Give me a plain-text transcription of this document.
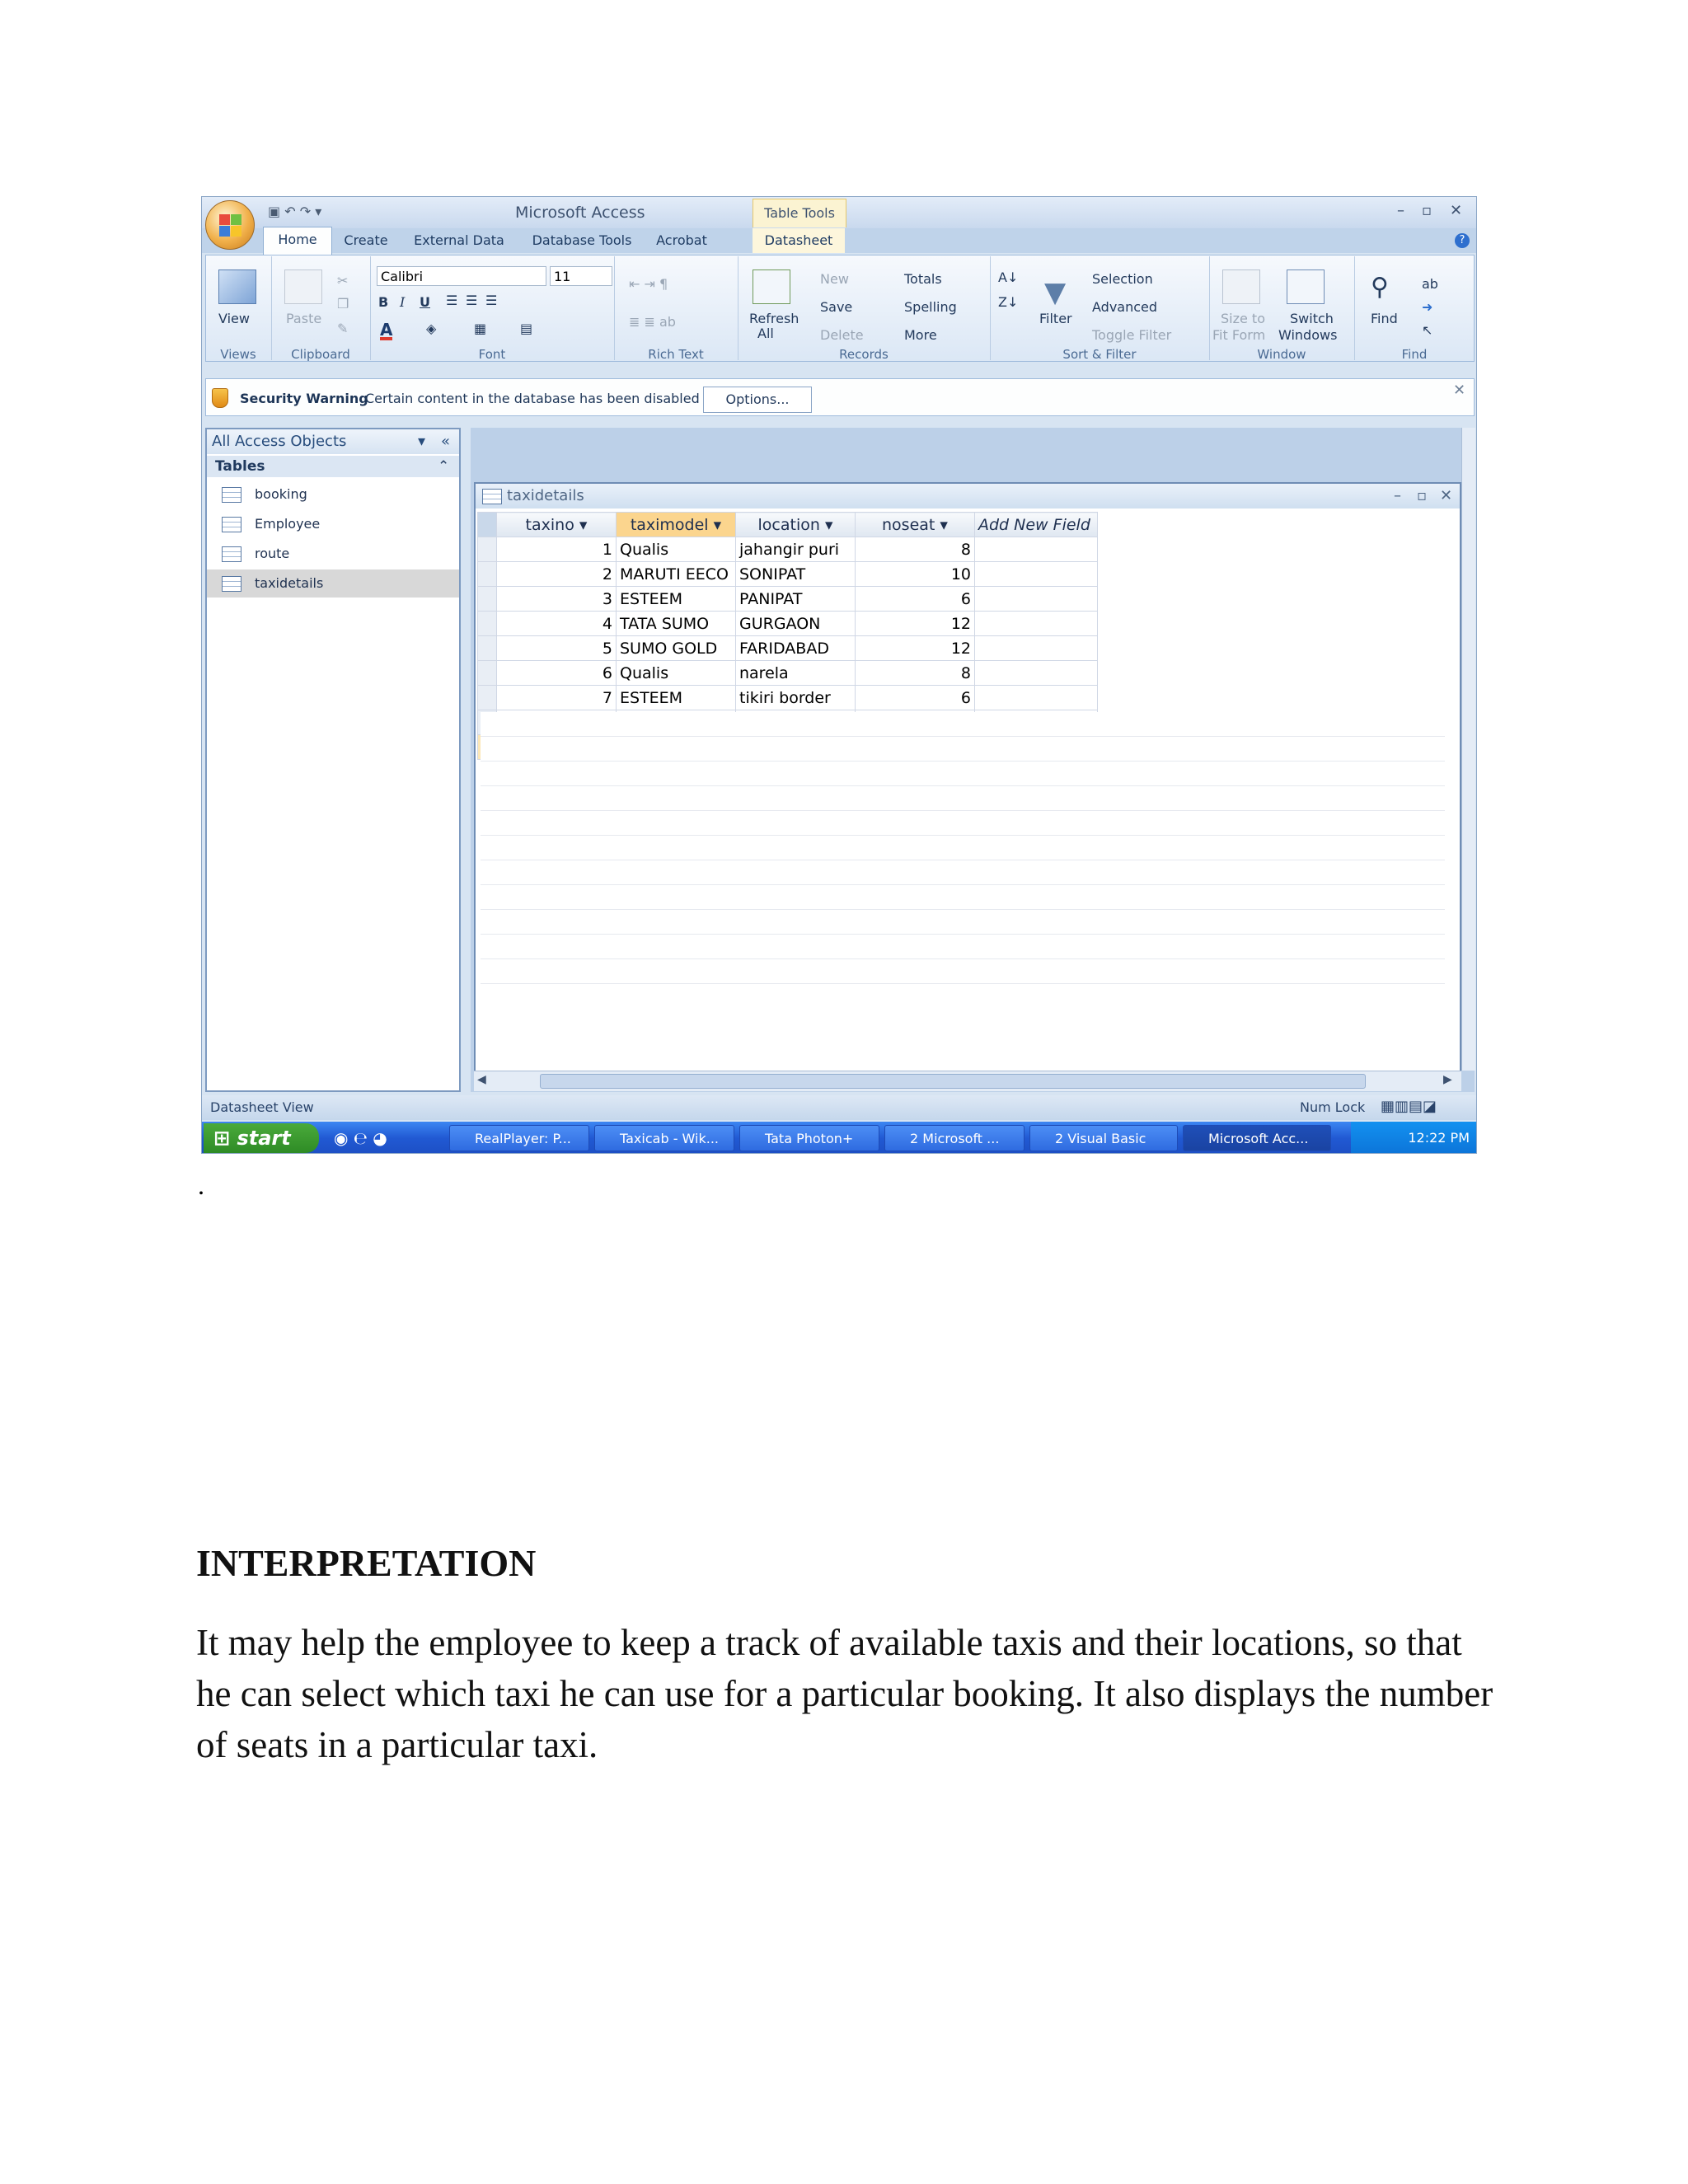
▣ ↶ ↷ ▾	Microsoft Access	Table Tools	– ▫ ✕
Home	Create	External Data	Database Tools	Acrobat	Datasheet	?
View
Views
Paste
✂
❐
✎
Clipboard
Calibri	11
B I U ☰ ☰ ☰
A	◈	▦	▤
Font
⇤ ⇥ ¶
≣ ≣ ab
Rich Text
Refresh
All
New
Save
Delete
Totals
Spelling
More
Records
A↓
Z↓ ▼
Filter
Selection
Advanced
Toggle Filter
Sort & Filter
Size to
Fit Form
Switch
Windows
Window
⚲
Find
ab
➜
↖
Find
Security Warning
Certain content in the database has been disabled	Options...
✕
All Access Objects	▾ «
Tables	⌃
booking
Employee
route
taxidetails
taxidetails	– ▫ ✕
	taxino ▾	taximodel ▾	location ▾	noseat ▾	Add New Field
	1	Qualis	jahangir puri	8	
	2	MARUTI EECO	SONIPAT	10	
	3	ESTEEM	PANIPAT	6	
	4	TATA SUMO	GURGAON	12	
	5	SUMO GOLD	FARIDABAD	12	
	6	Qualis	narela	8	
	7	ESTEEM	tikiri border	6	

◀	▶
Datasheet View	Num Lock ▦▥▤◪
⊞ start	◉ ℮ ◕	RealPlayer: P...	Taxicab - Wik...	Tata Photon+	2 Microsoft ...	2 Visual Basic	Microsoft Acc...	12:22 PM
.
INTERPRETATION
It may help the employee to keep a track of available taxis and their locations, so that he can select which taxi he can use for a particular booking. It also displays the number of seats in a particular taxi.
